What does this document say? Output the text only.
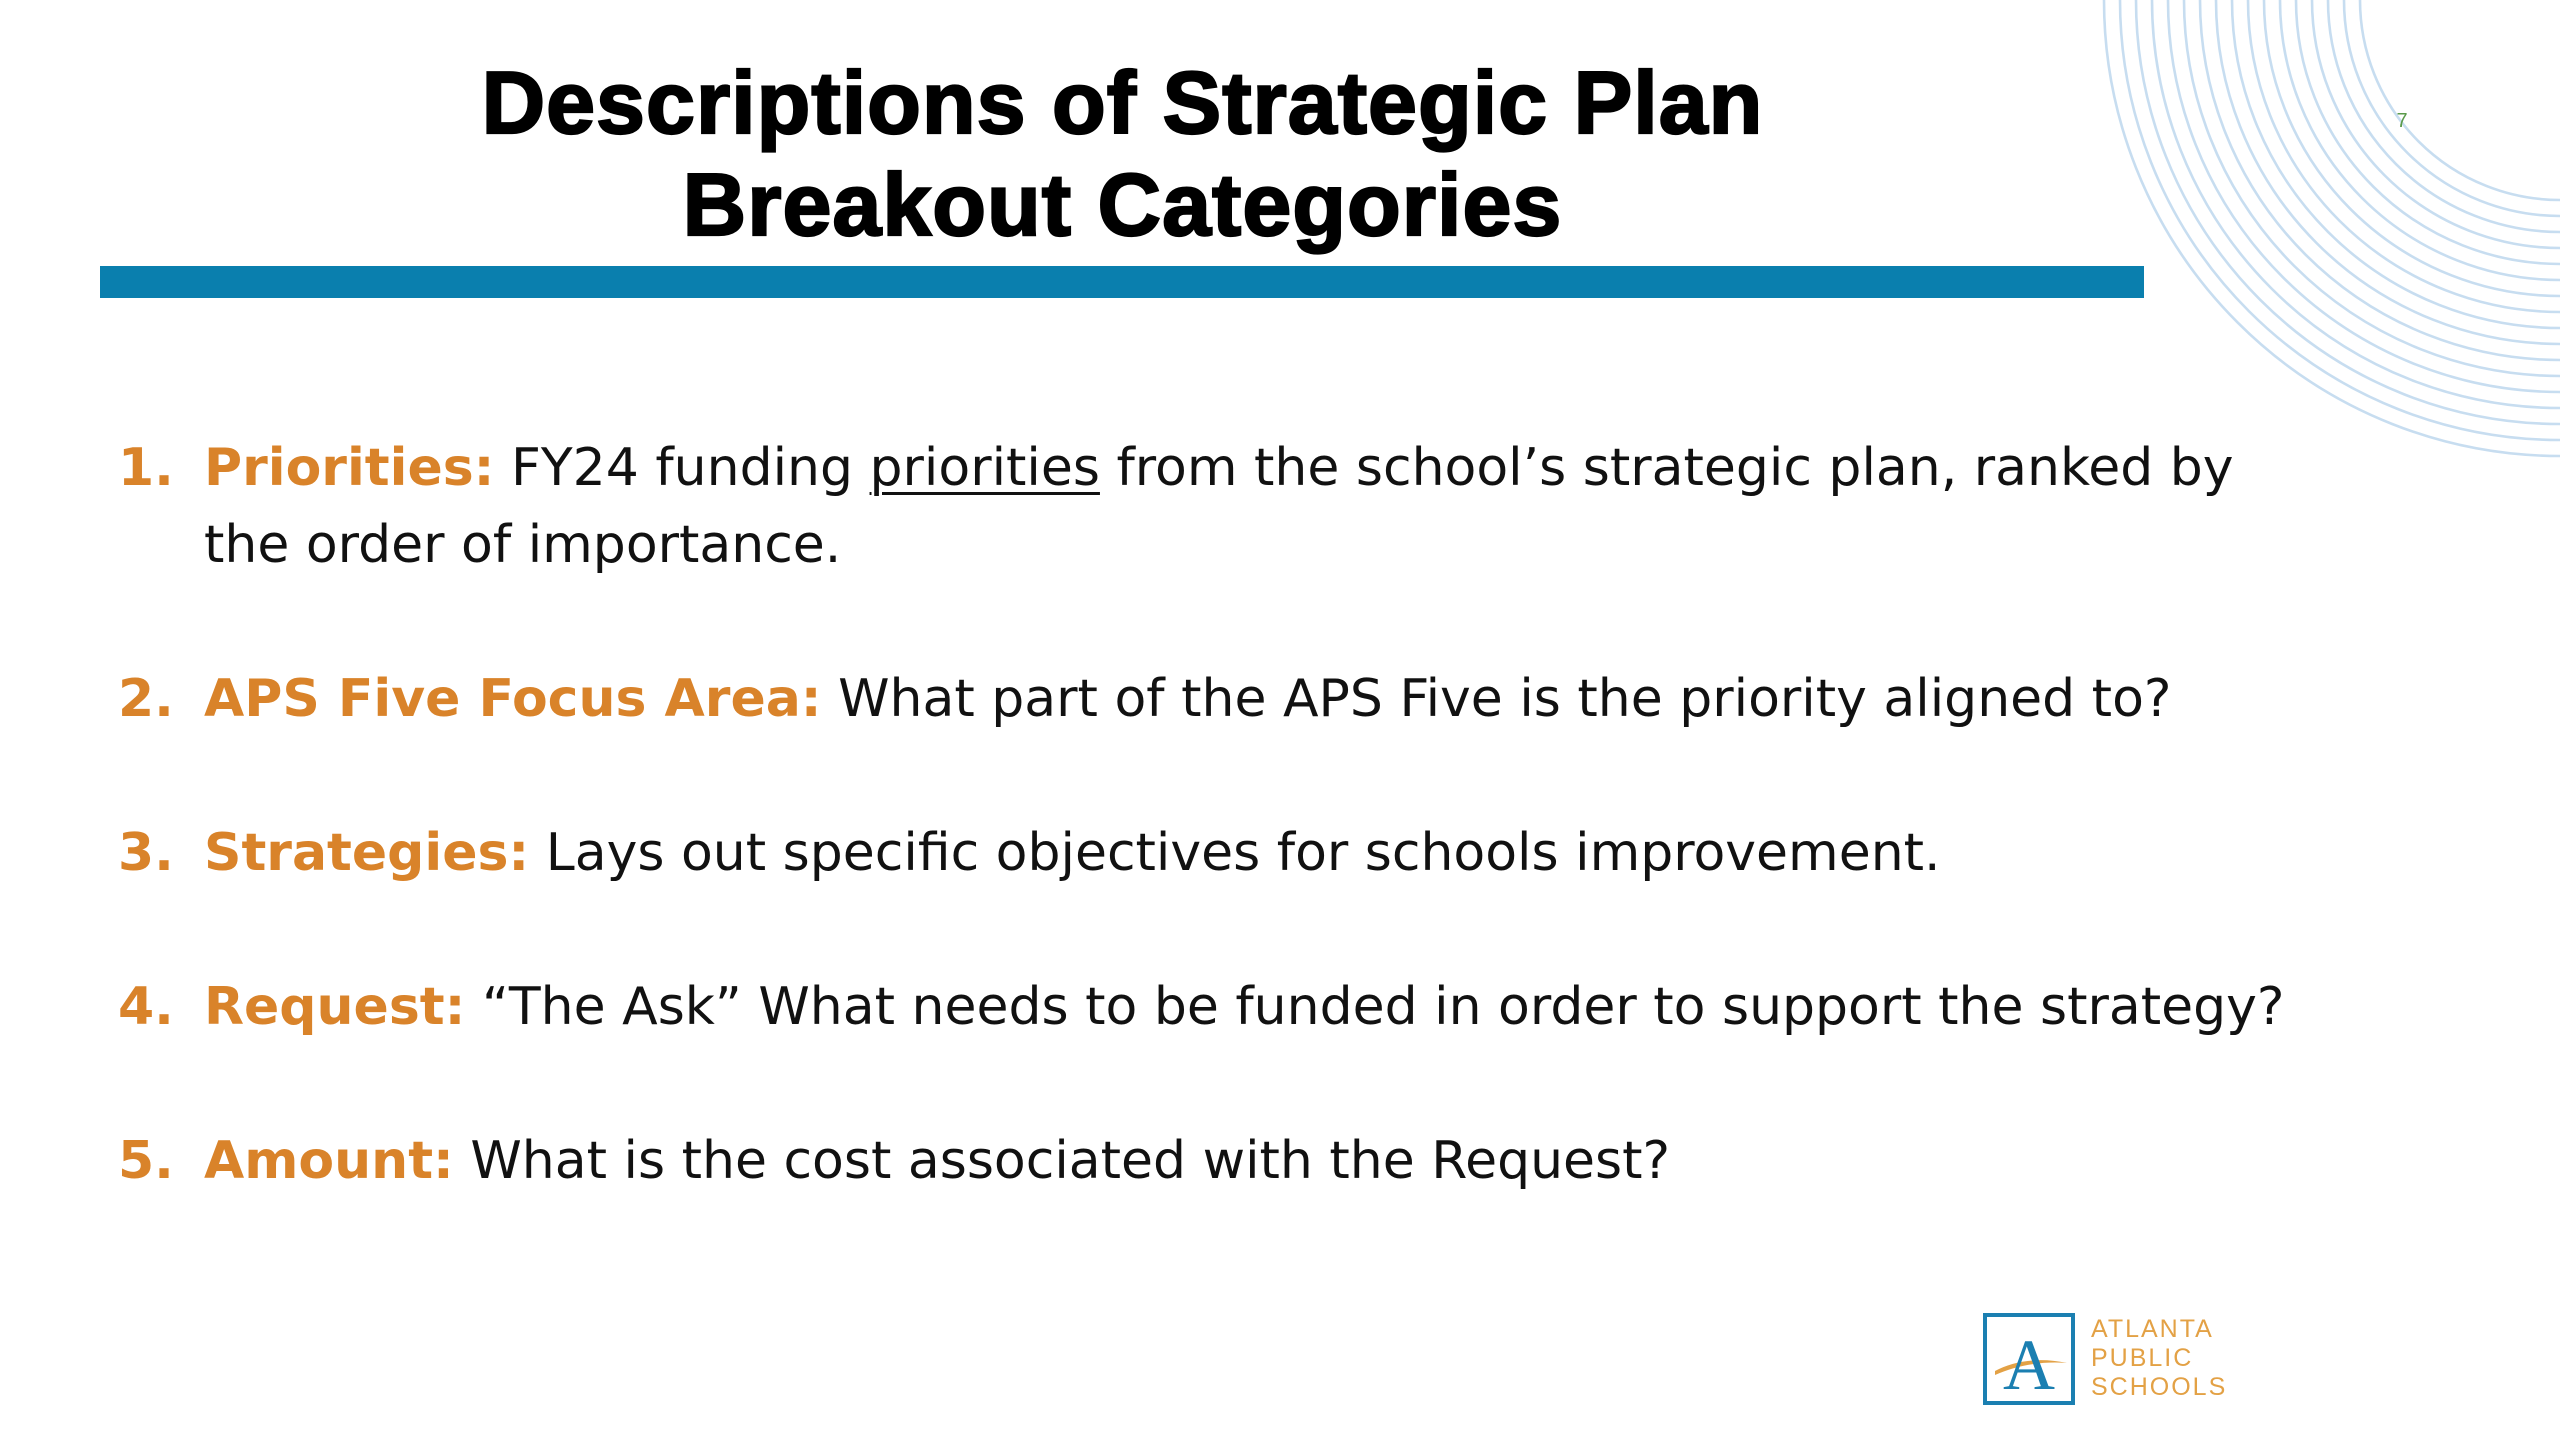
Descriptions of Strategic Plan
Breakout Categories
7
1. Priorities: FY24 funding priorities from the school’s strategic plan, ranked by the order of importance.
2. APS Five Focus Area: What part of the APS Five is the priority aligned to?
3. Strategies: Lays out specific objectives for schools improvement.
4. Request: “The Ask” What needs to be funded in order to support the strategy?
5. Amount: What is the cost associated with the Request?
A ATLANTA
PUBLIC
SCHOOLS
